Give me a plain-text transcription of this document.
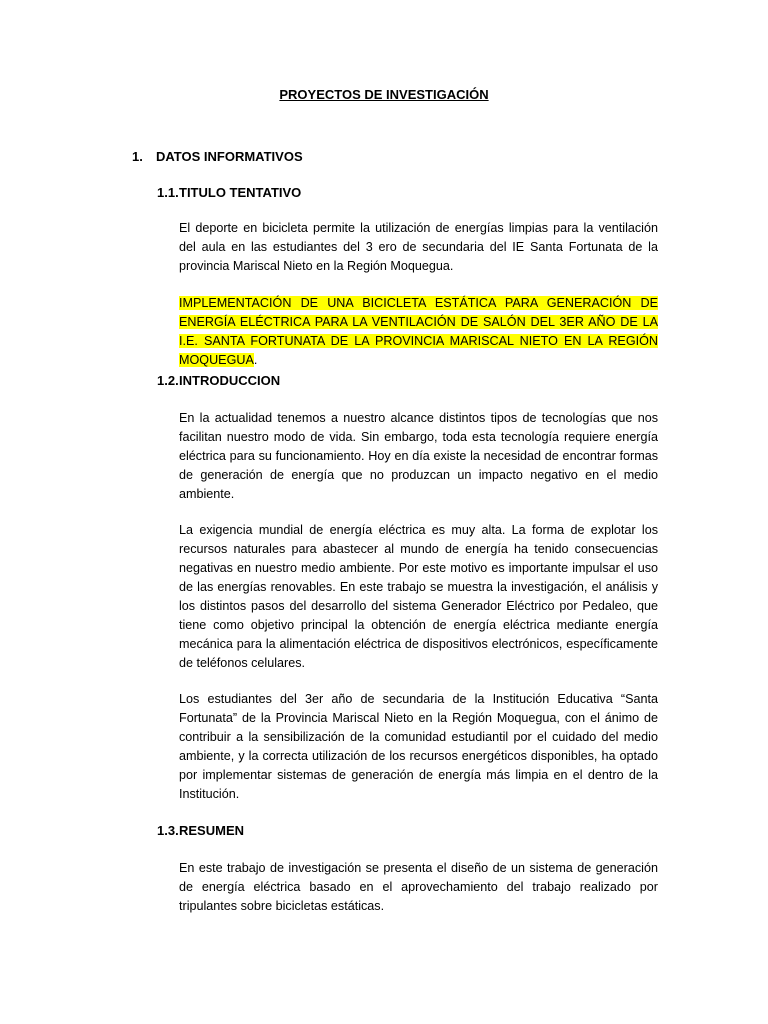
PROYECTOS DE INVESTIGACIÓN
1. DATOS INFORMATIVOS
1.1.TITULO TENTATIVO

El deporte en bicicleta permite la utilización de energías limpias para la ventilación del aula en las estudiantes del 3 ero de secundaria del IE Santa Fortunata de la provincia Mariscal Nieto en la Región Moquegua.

IMPLEMENTACIÓN DE UNA BICICLETA ESTÁTICA PARA GENERACIÓN DE ENERGÍA ELÉCTRICA PARA LA VENTILACIÓN DE SALÓN DEL 3ER AÑO DE LA I.E. SANTA FORTUNATA DE LA PROVINCIA MARISCAL NIETO EN LA REGIÓN MOQUEGUA.

1.2.INTRODUCCION

En la actualidad tenemos a nuestro alcance distintos tipos de tecnologías que nos facilitan nuestro modo de vida. Sin embargo, toda esta tecnología requiere energía eléctrica para su funcionamiento. Hoy en día existe la necesidad de encontrar formas de generación de energía que no produzcan un impacto negativo en el medio ambiente.

La exigencia mundial de energía eléctrica es muy alta. La forma de explotar los recursos naturales para abastecer al mundo de energía ha tenido consecuencias negativas en nuestro medio ambiente. Por este motivo es importante impulsar el uso de las energías renovables. En este trabajo se muestra la investigación, el análisis y los distintos pasos del desarrollo del sistema Generador Eléctrico por Pedaleo, que tiene como objetivo principal la obtención de energía eléctrica mediante energía mecánica para la alimentación eléctrica de dispositivos electrónicos, específicamente de teléfonos celulares.

Los estudiantes del 3er año de secundaria de la Institución Educativa “Santa Fortunata” de la Provincia Mariscal Nieto en la Región Moquegua, con el ánimo de contribuir a la sensibilización de la comunidad estudiantil por el cuidado del medio ambiente, y la correcta utilización de los recursos energéticos disponibles, ha optado por implementar sistemas de generación de energía más limpia en el dentro de la Institución.

1.3.RESUMEN

En este trabajo de investigación se presenta el diseño de un sistema de generación de energía eléctrica basado en el aprovechamiento del trabajo realizado por tripulantes sobre bicicletas estáticas.
